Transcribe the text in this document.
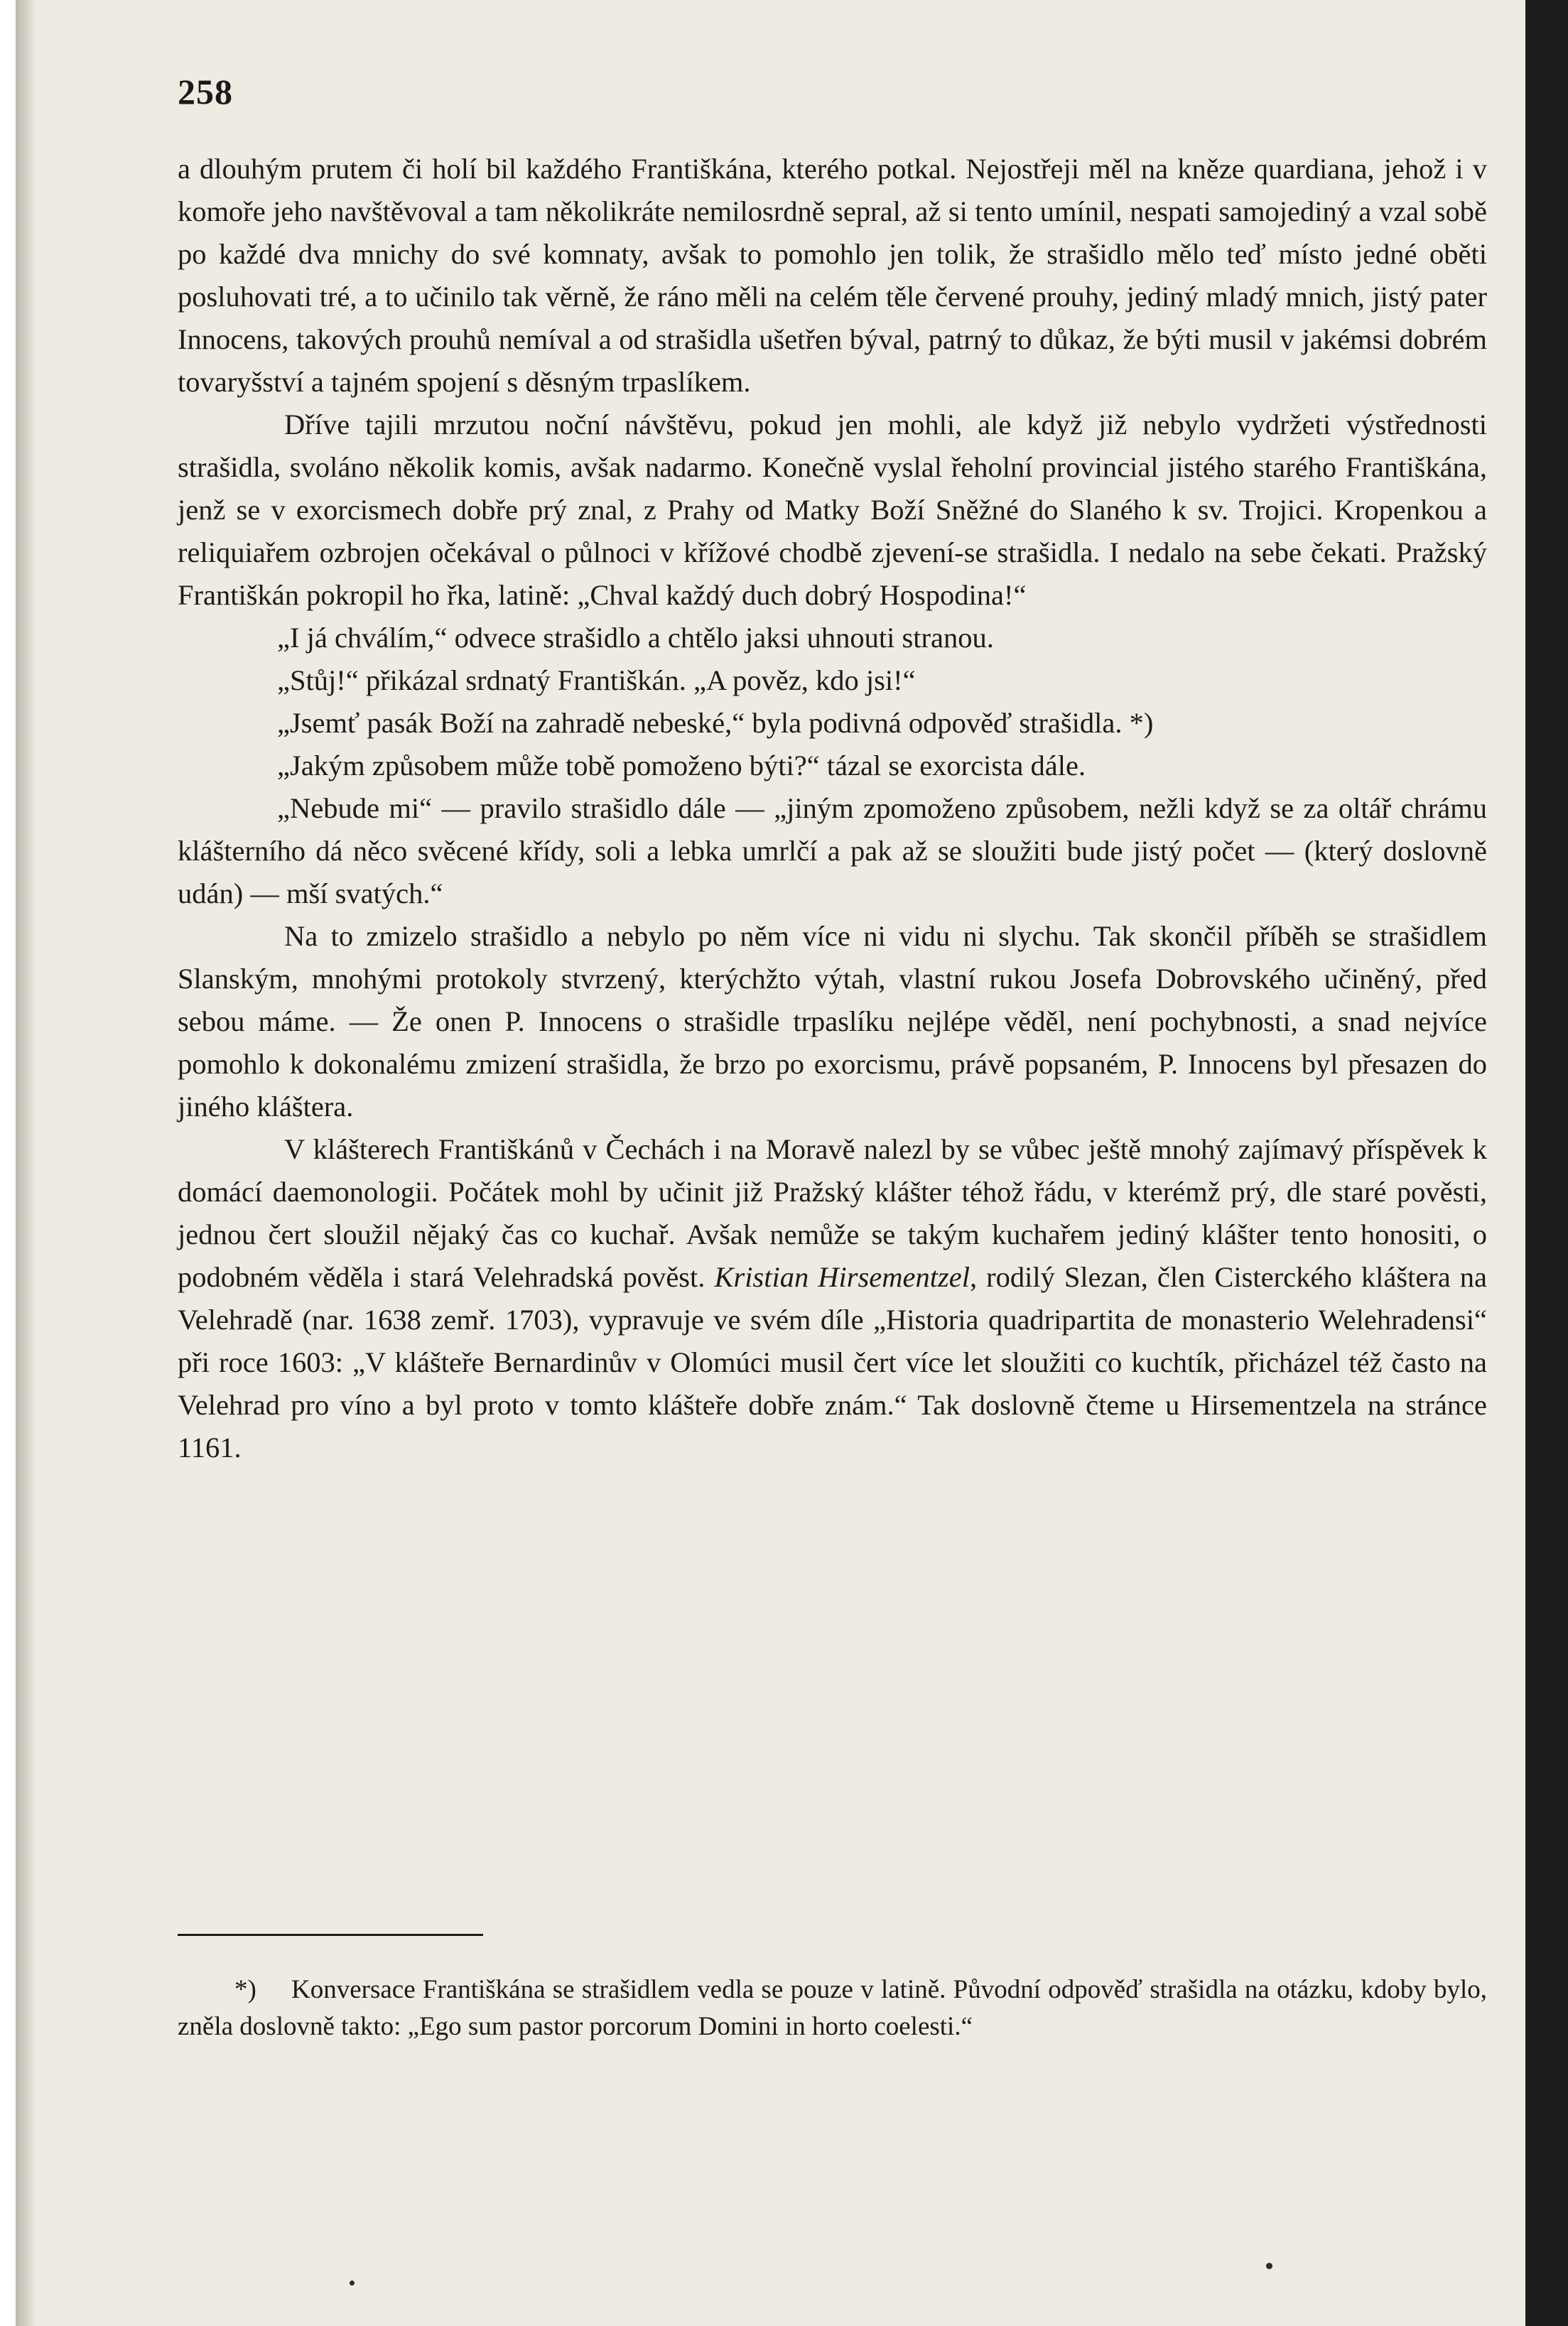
258

a dlouhým prutem či holí bil každého Františkána, kterého potkal. Nejostřeji měl na kněze quardiana, jehož i v komoře jeho navštěvoval a tam několikráte nemilosrdně sepral, až si tento umínil, nespati samojediný a vzal sobě po každé dva mnichy do své komnaty, avšak to pomohlo jen tolik, že strašidlo mělo teď místo jedné oběti posluhovati tré, a to učinilo tak věrně, že ráno měli na celém těle červené prouhy, jediný mladý mnich, jistý pater Innocens, takových prouhů nemíval a od strašidla ušetřen býval, patrný to důkaz, že býti musil v jakémsi dobrém tovaryšství a tajném spojení s děsným trpaslíkem.

Dříve tajili mrzutou noční návštěvu, pokud jen mohli, ale když již nebylo vydržeti výstřednosti strašidla, svoláno několik komis, avšak nadarmo. Konečně vyslal řeholní provincial jistého starého Františkána, jenž se v exorcismech dobře prý znal, z Prahy od Matky Boží Sněžné do Slaného k sv. Trojici. Kropenkou a reliquiařem ozbrojen očekával o půlnoci v křížové chodbě zjevení-se strašidla. I nedalo na sebe čekati. Pražský Františkán pokropil ho řka, latině: „Chval každý duch dobrý Hospodina!“

„I já chválím,“ odvece strašidlo a chtělo jaksi uhnouti stranou.

„Stůj!“ přikázal srdnatý Františkán. „A pověz, kdo jsi!“

„Jsemť pasák Boží na zahradě nebeské,“ byla podivná odpověď strašidla. *)

„Jakým způsobem může tobě pomoženo býti?“ tázal se exorcista dále.

„Nebude mi“ — pravilo strašidlo dále — „jiným zpomoženo způsobem, nežli když se za oltář chrámu klášterního dá něco svěcené křídy, soli a lebka umrlčí a pak až se sloužiti bude jistý počet — (který doslovně udán) — mší svatých.“

Na to zmizelo strašidlo a nebylo po něm více ni vidu ni slychu. Tak skončil příběh se strašidlem Slanským, mnohými protokoly stvrzený, kterýchžto výtah, vlastní rukou Josefa Dobrovského učiněný, před sebou máme. — Že onen P. Innocens o strašidle trpaslíku nejlépe věděl, není pochybnosti, a snad nejvíce pomohlo k dokonalému zmizení strašidla, že brzo po exorcismu, právě popsaném, P. Innocens byl přesazen do jiného kláštera.

V klášterech Františkánů v Čechách i na Moravě nalezl by se vůbec ještě mnohý zajímavý příspěvek k domácí daemonologii. Počátek mohl by učinit již Pražský klášter téhož řádu, v kterémž prý, dle staré pověsti, jednou čert sloužil nějaký čas co kuchař. Avšak nemůže se takým kuchařem jediný klášter tento honositi, o podobném věděla i stará Velehradská pověst. Kristian Hirsementzel, rodilý Slezan, člen Cisterckého kláštera na Velehradě (nar. 1638 zemř. 1703), vypravuje ve svém díle „Historia quadripartita de monasterio Welehradensi“ při roce 1603: „V klášteře Bernardinův v Olomúci musil čert více let sloužiti co kuchtík, přicházel též často na Velehrad pro víno a byl proto v tomto klášteře dobře znám.“ Tak doslovně čteme u Hirsementzela na stránce 1161.

*) Konversace Františkána se strašidlem vedla se pouze v latině. Původní odpověď strašidla na otázku, kdoby bylo, zněla doslovně takto: „Ego sum pastor porcorum Domini in horto coelesti.“
